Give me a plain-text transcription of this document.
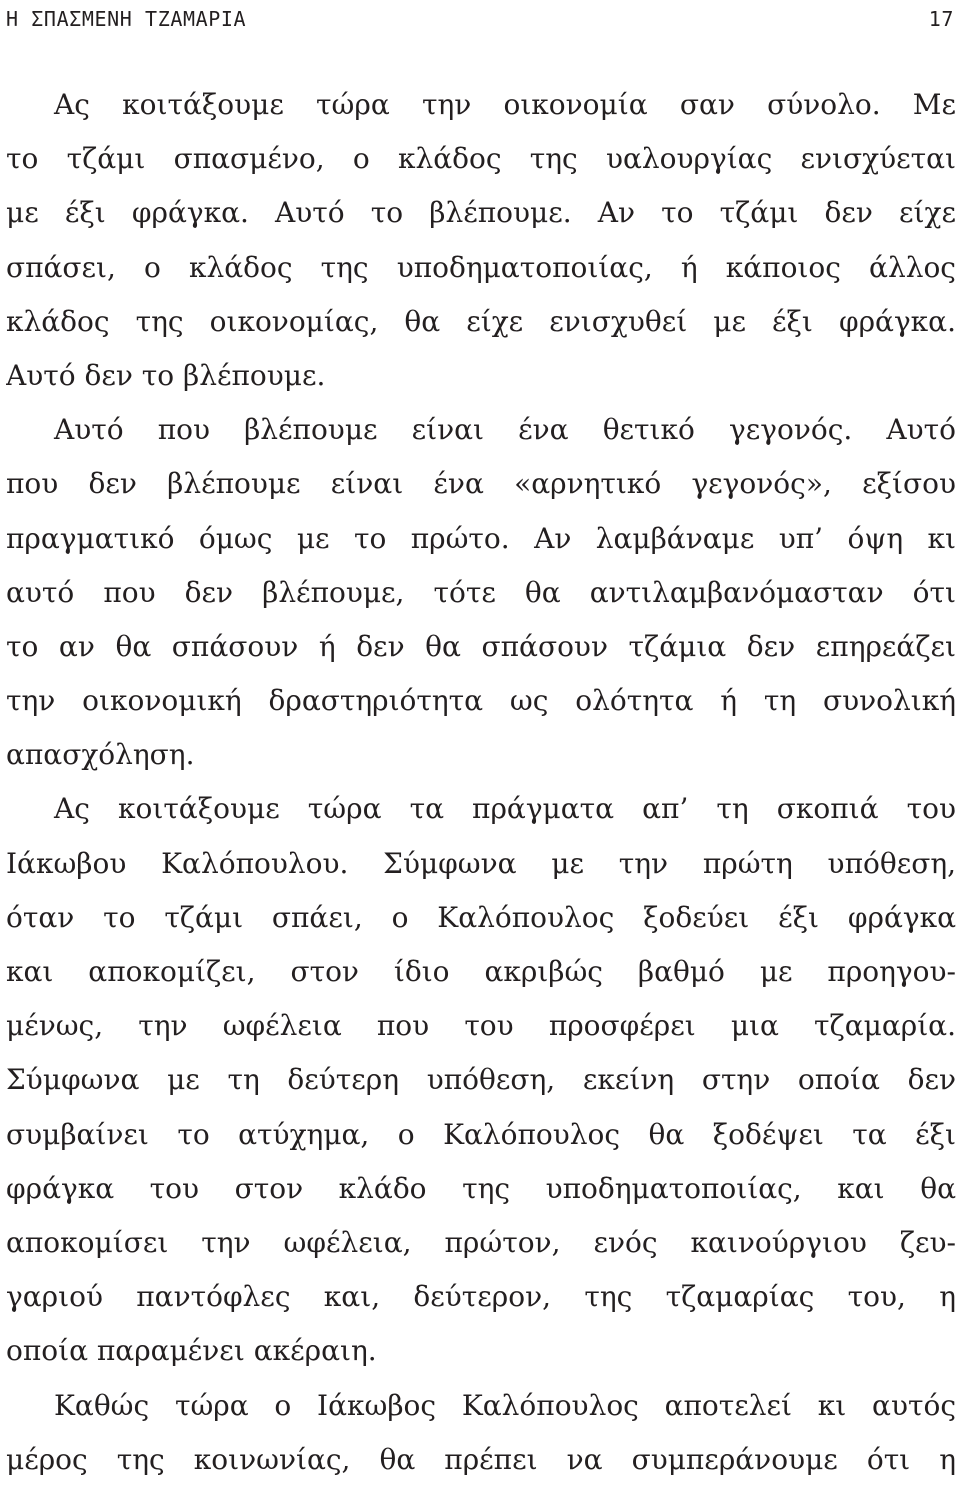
Η ΣΠΑΣΜΕΝΗ ΤΖΑΜΑΡΙΑ	17
Ας κοιτάξουμε τώρα την οικονομία σαν σύνολο. Με
το τζάμι σπασμένο, ο κλάδος της υαλουργίας ενισχύεται
με έξι φράγκα. Αυτό το βλέπουμε. Αν το τζάμι δεν είχε
σπάσει, ο κλάδος της υποδηματοποιίας, ή κάποιος άλλος
κλάδος της οικονομίας, θα είχε ενισχυθεί με έξι φράγκα.
Αυτό δεν το βλέπουμε.
Αυτό που βλέπουμε είναι ένα θετικό γεγονός. Αυτό
που δεν βλέπουμε είναι ένα «αρνητικό γεγονός», εξίσου
πραγματικό όμως με το πρώτο. Αν λαμβάναμε υπ’ όψη κι
αυτό που δεν βλέπουμε, τότε θα αντιλαμβανόμασταν ότι
το αν θα σπάσουν ή δεν θα σπάσουν τζάμια δεν επηρεάζει
την οικονομική δραστηριότητα ως ολότητα ή τη συνολική
απασχόληση.
Ας κοιτάξουμε τώρα τα πράγματα απ’ τη σκοπιά του
Ιάκωβου Καλόπουλου. Σύμφωνα με την πρώτη υπόθεση,
όταν το τζάμι σπάει, ο Καλόπουλος ξοδεύει έξι φράγκα
και αποκομίζει, στον ίδιο ακριβώς βαθμό με προηγου-
μένως, την ωφέλεια που του προσφέρει μια τζαμαρία.
Σύμφωνα με τη δεύτερη υπόθεση, εκείνη στην οποία δεν
συμβαίνει το ατύχημα, ο Καλόπουλος θα ξοδέψει τα έξι
φράγκα του στον κλάδο της υποδηματοποιίας, και θα
αποκομίσει την ωφέλεια, πρώτον, ενός καινούργιου ζευ-
γαριού παντόφλες και, δεύτερον, της τζαμαρίας του, η
οποία παραμένει ακέραιη.
Καθώς τώρα ο Ιάκωβος Καλόπουλος αποτελεί κι αυτός
μέρος της κοινωνίας, θα πρέπει να συμπεράνουμε ότι η
